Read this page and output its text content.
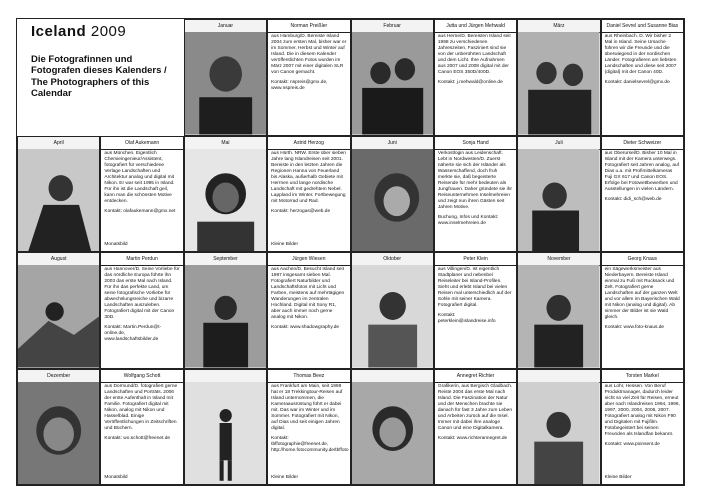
Iceland 2009
Die Fotografinnen und Fotografen dieses Kalenders / The Photographers of this Calendar
Januar	Norman Preißler
aus Hamburg/D. Bereiste Island 2004 zum ersten Mal, bisher war er im Sommer, Herbst und Winter auf Island. Die in diesem Kalender veröffentlichten Fotos wurden im März 2007 mit einer digitalen SLR von Canon gemacht.
Kontakt: nspreis@gmx.de, www.nspreis.de
Februar	Jutta und Jürgen Mehwald
aus Herne/D. Bereisten Island seit 1998 zu verschiedenen Jahreszeiten. Fasziniert sind sie von der unberührten Landschaft und dem Licht. Ihre Aufnahmen aus 2007 und 2008 digital mit der Canon EOS 350D/400D.
Kontakt: j.mehwald@online.de
März	Daniel Sevrel und Susanne Bias
aus Rheinbach. D. Wir bisher 2 Mal in Island. Seine Ursache führen wir die Freunde und die überwiegend in der nordischen Länder. Fotografieren am liebsten Landschaften und diese seit 2007 (digital) mit der Canon 40D.
Kontakt: danielsevrel@gmx.de
April	Olaf Aukemann
aus München. Eigentlich Chemieingenieur/Assistent, fotografiert für verschiedene Verlage Landschaften und Architektur analog und digital mit Nikon. Er war seit 1995 in Island. Für ihn ist die Landschaft geil, kann man die schönsten Motive entdecken.
Kontakt: olafaukemann@gmx.net
Monatsbild
Mai	Astrid Herzog
aus Hürth. NRW. Erste über sieben Jahre lang Islandreisen seit 2001. Bereiste in den letzten Jahren die Regionen Hanna von Feuerland bis Alaska, außerhalb Gebiete mit Herrnen und lange nordische Landschaft mit gedrehtem Nebel. Lappland im Winter. Fortbewegung mit Motorrad und Rad.
Kontakt: herzogas@web.de
Kleine Bilder
Juni	Sonja Hand
Verkostlogin aus Leidenschaft. Lebt in Nordwesten/D. Zuerst näherte sie sich der Isländer als Wasserschaffend, doch fruh merkte sie, daß begeisterte Reisende für mehr bedeuten als Jungfrauen. Daher gründete sie ihr Reiseunternehmen Inselmehreien und zeigt nun ihren Gästen seit Jahren Motive.
Buchung, Infos und Kontakt: www.inselmehreien.de
Juli	Dieter Schweizer
aus Oberursel/D. Bisher 10 Mal in Island mit der Kamera unterwegs. Fotografiert seit Jahren analog, auf Dias u.a. mit Profimittelkameras Fuji GX 617 und Canon EOS. Erfolge bei Fotowettbewerben und Ausstellungen in vielen Ländern.
Kontakt: didi_sch@web.de
August	Martin Perdun
aus Hannover/D. Seine Vorliebe für das nördliche Europa führte ihn 2003 das erste Mal nach Island. Für ihn das perfekte Land, um seine fotografische Vorliebe für abwechslungsreiche und bizarre Landschaften auszuleben. Fotografiert digital mit der Canon 30D.
Kontakt: Martin.Perdun@t-online.de, www.landschaftsbilder.de
September	Jürgen Wiesen
aus Aachen/D. Besucht Island seit 1987 insgesamt sieben Mal. Fotografiert Naturbilder und Landschaftsfotos mit Licht und Farben, meistens auf mehrtägigen Wanderungen im zentralen Hochland. Digital mit Sony R1, aber auch immer noch gerne analog mit Nikon.
Kontakt: www.shadowgraphy.de
Oktober	Peter Klein
aus Villingen/D. Ist eigentlich Stadtplaner und nebenbei Reiseleiter bei Island-Profilen. Sieht und erlebt Island bei vielen Reisen mal unterschiedlich auf der Sohle mit seiner Kamera. Fotografiert digital.
Kontakt: peterklein@islandreise.info
November	Georg Knaus
ein Sägewerksmeister aus Niederbayern. Bereiste Island einmal zu Fuß mit Rucksack und Zelt. Fotografiert gerne Landschaften auf der ganzen Welt und vor allem im Bayerischen Wald mit Nikon (analog und digital). Ab nimmer der Bilder ist sie Wald gleich.
Kontakt: www.foto-knaus.de
Dezember	Wolfgang Schott
aus Dormund/D. fotografiert gerne Landschaften und Porträts. 2006 der erste Aufenthalt in Island mit Familie. Fotografiert digital mit Nikon, analog mit Nikon und Hasselblad. Einige Veröffentlichungen in Zeitschriften und Büchern.
Kontakt: wo.schott@freenet.de
Monatsbild
Thomas Beez
aus Frankfurt am Main, seit 1998 hat er 18 Trekkingtour-Reisen auf Island unternommen, die Kameraausrüstung führt er dabei mit. Das war im Winter und im Sommer. Fotografiert mit Nikon, auf Dias und seit einigen Jahren digital.
Kontakt: tbffotographie@freenet.de, http://home.fotocommunity.de/tbffoto
Kleine Bilder
Annegret Richter
Grafikerin, aus Bergisch Gladbach. Reiste 2004 das erste Mal nach Island. Die Faszination der Natur und der Menschen brachte sie danach für fast 3 Jahre zum Leben und Arbeiten zurück auf die Insel. Immer mit dabei ihre analoge Canon und eine Digitalkamera.
Kontakt: www.richterannegret.de
Torsten Markel
aus Lohr, Hessen. Von Beruf Produktmanager, dadurch leider nicht so viel Zeit für Reisen, erneut aber nach Islandreisen 1994, 1996, 1997, 2000, 2004, 2006, 2007. Fotografiert analog mit Nikon F90 und Digitalen mit Fujifilm. Fotobegeistert bei seinen Freunden als Islandfan bekannt.
Kontakt: www.poinsent.de
Kleine Bilder
